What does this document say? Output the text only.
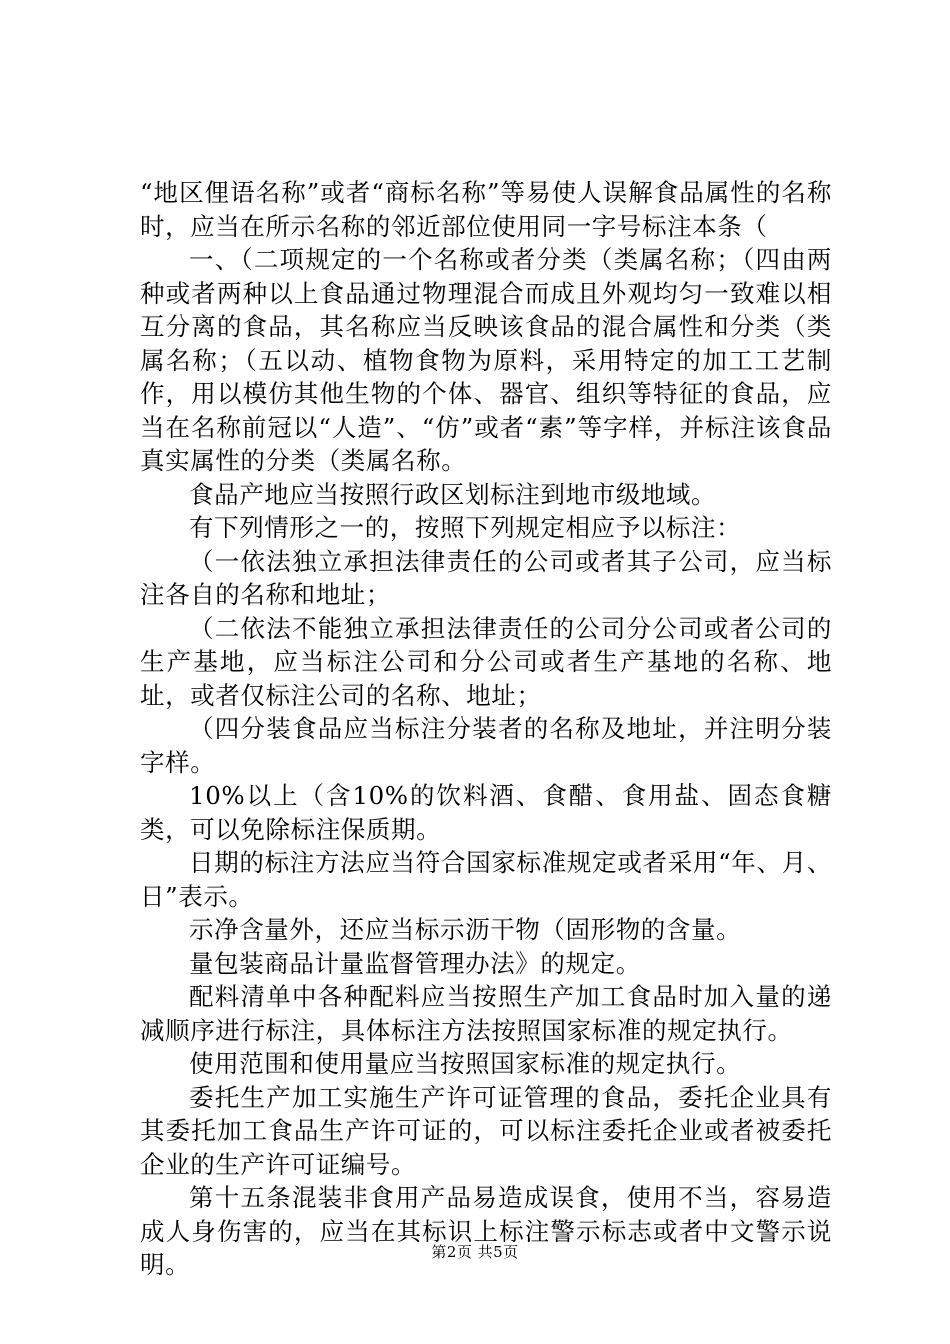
“地区俚语名称”或者“商标名称”等易使人误解食品属性的名称时，应当在所示名称的邻近部位使用同一字号标注本条（

一、（二项规定的一个名称或者分类（类属名称；（四由两种或者两种以上食品通过物理混合而成且外观均匀一致难以相互分离的食品，其名称应当反映该食品的混合属性和分类（类属名称；（五以动、植物食物为原料，采用特定的加工工艺制作，用以模仿其他生物的个体、器官、组织等特征的食品，应当在名称前冠以“人造”、“仿”或者“素”等字样，并标注该食品真实属性的分类（类属名称。

食品产地应当按照行政区划标注到地市级地域。

有下列情形之一的，按照下列规定相应予以标注：

（一依法独立承担法律责任的公司或者其子公司，应当标注各自的名称和地址；

（二依法不能独立承担法律责任的公司分公司或者公司的生产基地，应当标注公司和分公司或者生产基地的名称、地址，或者仅标注公司的名称、地址；

（四分装食品应当标注分装者的名称及地址，并注明分装字样。

10%以上（含10%的饮料酒、食醋、食用盐、固态食糖类，可以免除标注保质期。

日期的标注方法应当符合国家标准规定或者采用“年、月、日”表示。

示净含量外，还应当标示沥干物（固形物的含量。

量包装商品计量监督管理办法》的规定。

配料清单中各种配料应当按照生产加工食品时加入量的递减顺序进行标注，具体标注方法按照国家标准的规定执行。

使用范围和使用量应当按照国家标准的规定执行。

委托生产加工实施生产许可证管理的食品，委托企业具有其委托加工食品生产许可证的，可以标注委托企业或者被委托企业的生产许可证编号。

第十五条混装非食用产品易造成误食，使用不当，容易造成人身伤害的，应当在其标识上标注警示标志或者中文警示说明。	第2页 共5页
